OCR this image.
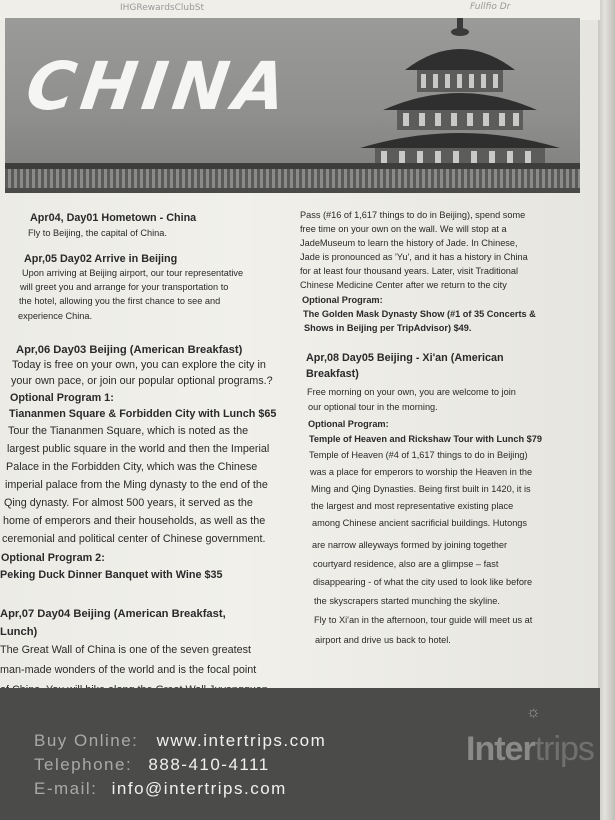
IHGRewardsClubSt	Fullfio Dr
CHINA
Apr04, Day01 Hometown - China
Fly to Beijing, the capital of China.
Apr,05 Day02 Arrive in Beijing
Upon arriving at Beijing airport, our tour representative
will greet you and arrange for your transportation to
the hotel, allowing you the first chance to see and
experience China.
Apr,06 Day03 Beijing (American Breakfast)
Today is free on your own, you can explore the city in
your own pace, or join our popular optional programs.?
Optional Program 1:
Tiananmen Square & Forbidden City with Lunch $65
Tour the Tiananmen Square, which is noted as the
largest public square in the world and then the Imperial
Palace in the Forbidden City, which was the Chinese
imperial palace from the Ming dynasty to the end of the
Qing dynasty. For almost 500 years, it served as the
home of emperors and their households, as well as the
ceremonial and political center of Chinese government.
Optional Program 2:
Peking Duck Dinner Banquet with Wine $35
Apr,07 Day04 Beijing (American Breakfast,
Lunch)
The Great Wall of China is one of the seven greatest
man-made wonders of the world and is the focal point
Pass (#16 of 1,617 things to do in Beijing), spend some
free time on your own on the wall. We will stop at a
JadeMuseum to learn the history of Jade. In Chinese,
Jade is pronounced as 'Yu', and it has a history in China
for at least four thousand years. Later, visit Traditional
Chinese Medicine Center after we return to the city
Optional Program:
The Golden Mask Dynasty Show (#1 of 35 Concerts &
Shows in Beijing per TripAdvisor) $49.
Apr,08 Day05 Beijing - Xi'an (American
Breakfast)
Free morning on your own, you are welcome to join
our optional tour in the morning.
Optional Program:
Temple of Heaven and Rickshaw Tour with Lunch $79
Temple of Heaven (#4 of 1,617 things to do in Beijing)
was a place for emperors to worship the Heaven in the
Ming and Qing Dynasties. Being first built in 1420, it is
the largest and most representative existing place
among Chinese ancient sacrificial buildings. Hutongs
are narrow alleyways formed by joining together
courtyard residence, also are a glimpse – fast
disappearing - of what the city used to look like before
the skyscrapers started munching the skyline.
Fly to Xi'an in the afternoon, tour guide will meet us at
airport and drive us back to hotel.
Buy Online: www.intertrips.com
Telephone: 888-410-4111
E-mail: info@intertrips.com
☼
Intertrips
